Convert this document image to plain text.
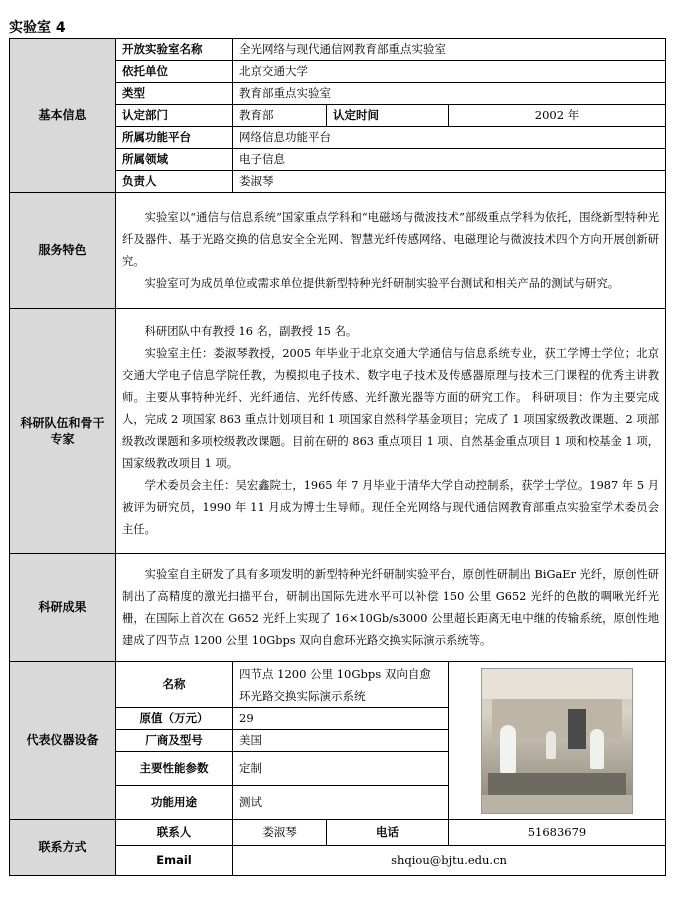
实验室 4
基本信息	开放实验室名称	全光网络与现代通信网教育部重点实验室		
	依托单位	北京交通大学		
	类型	教育部重点实验室		
	认定部门	教育部	认定时间	2002 年
	所属功能平台	网络信息功能平台		
	所属领域	电子信息		
	负责人	娄淑琴		
服务特色	实验室以“通信与信息系统”国家重点学科和“电磁场与微波技术”部级重点学科为依托，围绕新型特种光纤及器件、基于光路交换的信息安全全光网、智慧光纤传感网络、电磁理论与微波技术四个方向开展创新研究。

实验室可为成员单位或需求单位提供新型特种光纤研制实验平台测试和相关产品的测试与研究。			

科研队伍和骨干专家	科研团队中有教授 16 名，副教授 15 名。

实验室主任：娄淑琴教授，2005 年毕业于北京交通大学通信与信息系统专业，获工学博士学位；北京交通大学电子信息学院任教，为模拟电子技术、数字电子技术及传感器原理与技术三门课程的优秀主讲教师。主要从事特种光纤、光纤通信、光纤传感、光纤激光器等方面的研究工作。 科研项目：作为主要完成人，完成 2 项国家 863 重点计划项目和 1 项国家自然科学基金项目；完成了 1 项国家级教改课题、2 项部级教改课题和多项校级教改课题。目前在研的 863 重点项目 1 项、自然基金重点项目 1 项和校基金 1 项，国家级教改项目 1 项。

学术委员会主任：吴宏鑫院士，1965 年 7 月毕业于清华大学自动控制系，获学士学位。1987 年 5 月被评为研究员，1990 年 11 月成为博士生导师。现任全光网络与现代通信网教育部重点实验室学术委员会主任。			

科研成果	实验室自主研发了具有多项发明的新型特种光纤研制实验平台，原创性研制出 BiGaEr 光纤，原创性研制出了高精度的激光扫描平台，研制出国际先进水平可以补偿 150 公里 G652 光纤的色散的啁啾光纤光栅，在国际上首次在 G652 光纤上实现了 16×10Gb/s3000 公里超长距离无电中继的传输系统，原创性地建成了四节点 1200 公里 10Gbps 双向自愈环光路交换实际演示系统等。			

代表仪器设备	名称	四节点 1200 公里 10Gbps 双向自愈环光路交换实际演示系统		

	原值（万元）	29		
	厂商及型号	美国		
	主要性能参数	定制		
	功能用途	测试		
联系方式	联系人	娄淑琴	电话	51683679
	Email	shqiou@bjtu.edu.cn		
